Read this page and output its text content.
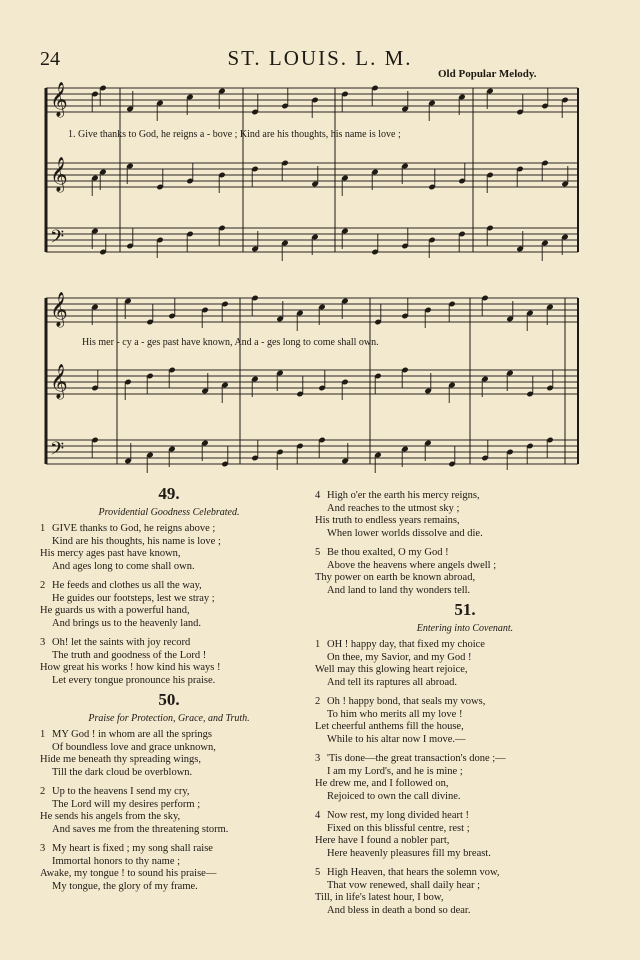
24	ST. LOUIS. L. M.
Old Popular Melody.
𝄞
𝄞
𝄢
𝄞
𝄞
𝄢
1. Give thanks to God, he reigns a - bove ; Kind are his thoughts, his name is love ;
His mer - cy a - ges past have known, And a - ges long to come shall own.
49.
Providential Goodness Celebrated.
1 GIVE thanks to God, he reigns above ;
Kind are his thoughts, his name is love ;
His mercy ages past have known,
And ages long to come shall own.
2 He feeds and clothes us all the way,
He guides our footsteps, lest we stray ;
He guards us with a powerful hand,
And brings us to the heavenly land.
3 Oh! let the saints with joy record
The truth and goodness of the Lord !
How great his works ! how kind his ways !
Let every tongue pronounce his praise.
50.
Praise for Protection, Grace, and Truth.
1 MY God ! in whom are all the springs
Of boundless love and grace unknown,
Hide me beneath thy spreading wings,
Till the dark cloud be overblown.
2 Up to the heavens I send my cry,
The Lord will my desires perform ;
He sends his angels from the sky,
And saves me from the threatening storm.
3 My heart is fixed ; my song shall raise
Immortal honors to thy name ;
Awake, my tongue ! to sound his praise—
My tongue, the glory of my frame.
4 High o'er the earth his mercy reigns,
And reaches to the utmost sky ;
His truth to endless years remains,
When lower worlds dissolve and die.
5 Be thou exalted, O my God !
Above the heavens where angels dwell ;
Thy power on earth be known abroad,
And land to land thy wonders tell.
51.
Entering into Covenant.
1 OH ! happy day, that fixed my choice
On thee, my Savior, and my God !
Well may this glowing heart rejoice,
And tell its raptures all abroad.
2 Oh ! happy bond, that seals my vows,
To him who merits all my love !
Let cheerful anthems fill the house,
While to his altar now I move.—
3 'Tis done—the great transaction's done ;—
I am my Lord's, and he is mine ;
He drew me, and I followed on,
Rejoiced to own the call divine.
4 Now rest, my long divided heart !
Fixed on this blissful centre, rest ;
Here have I found a nobler part,
Here heavenly pleasures fill my breast.
5 High Heaven, that hears the solemn vow,
That vow renewed, shall daily hear ;
Till, in life's latest hour, I bow,
And bless in death a bond so dear.
